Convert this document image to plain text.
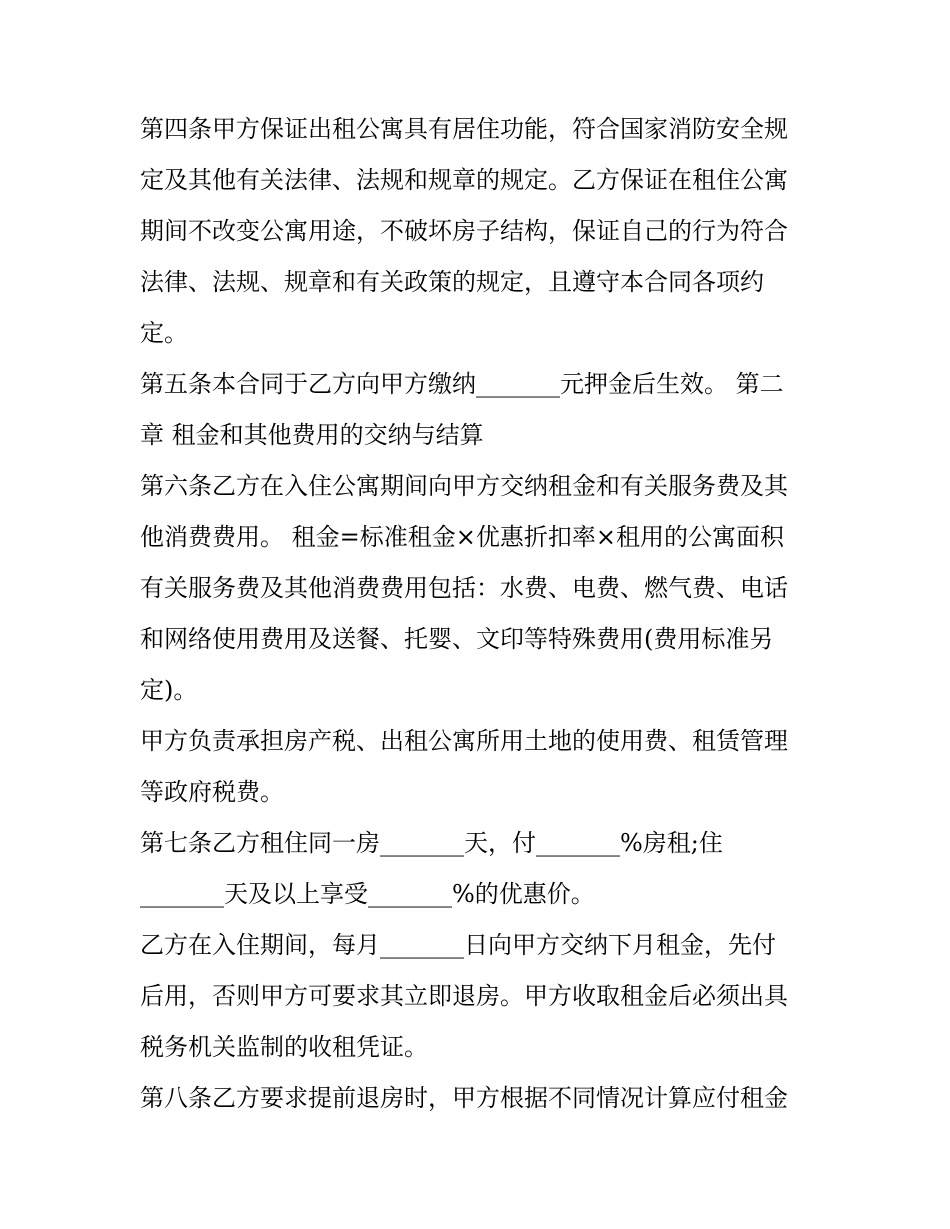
第四条甲方保证出租公寓具有居住功能，符合国家消防安全规
定及其他有关法律、法规和规章的规定。乙方保证在租住公寓
期间不改变公寓用途，不破坏房子结构，保证自己的行为符合
法律、法规、规章和有关政策的规定，且遵守本合同各项约
定。
第五条本合同于乙方向甲方缴纳_______元押金后生效。 第二
章 租金和其他费用的交纳与结算
第六条乙方在入住公寓期间向甲方交纳租金和有关服务费及其
他消费费用。 租金=标准租金×优惠折扣率×租用的公寓面积
有关服务费及其他消费费用包括：水费、电费、燃气费、电话
和网络使用费用及送餐、托婴、文印等特殊费用(费用标准另
定)。
甲方负责承担房产税、出租公寓所用土地的使用费、租赁管理
等政府税费。
第七条乙方租住同一房_______天，付_______%房租;住
_______天及以上享受_______%的优惠价。
乙方在入住期间，每月_______日向甲方交纳下月租金，先付
后用，否则甲方可要求其立即退房。甲方收取租金后必须出具
税务机关监制的收租凭证。
第八条乙方要求提前退房时，甲方根据不同情况计算应付租金
